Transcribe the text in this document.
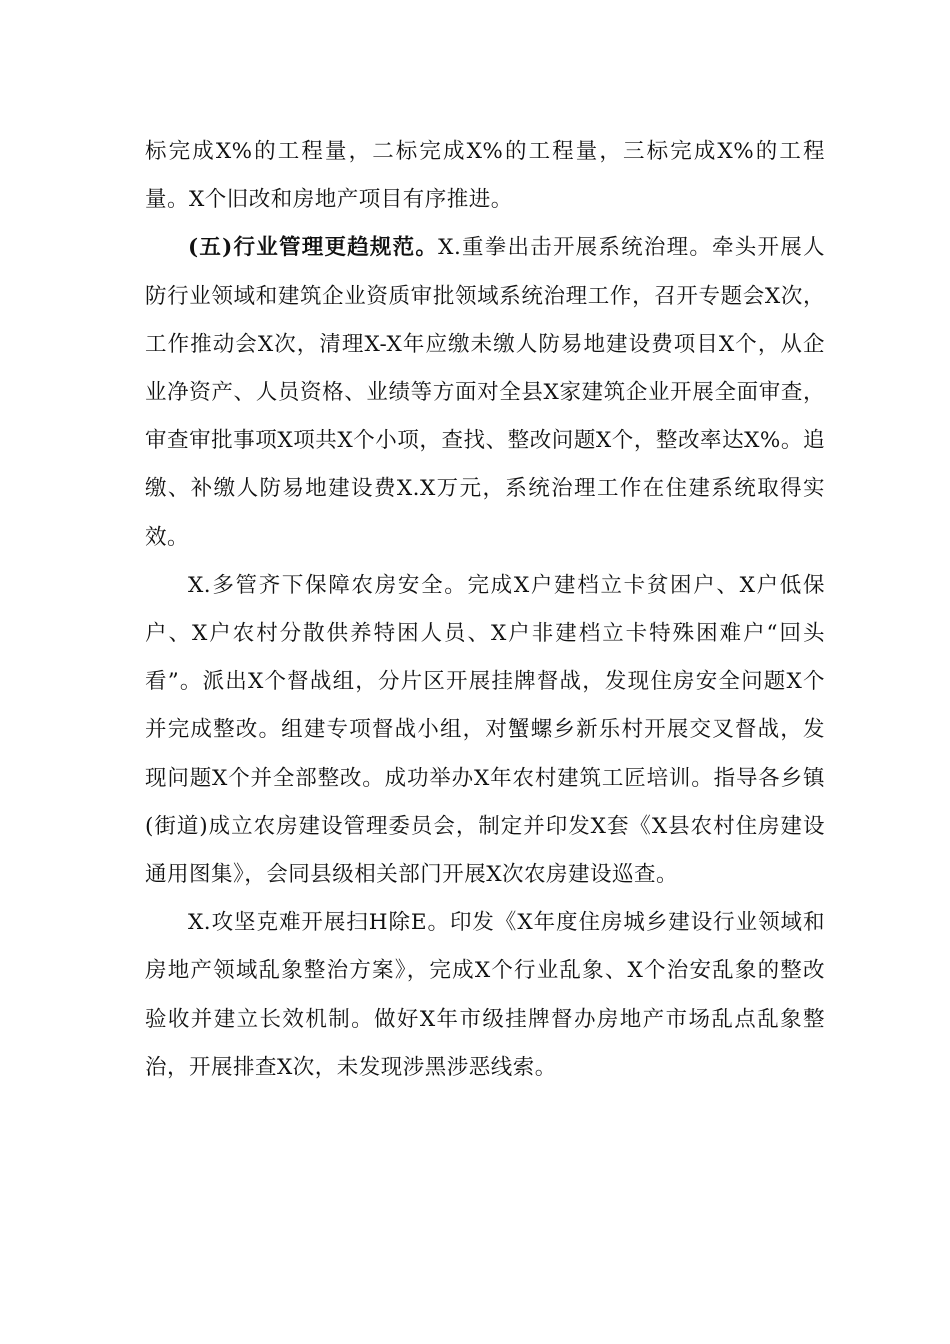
标完成X%的工程量，二标完成X%的工程量，三标完成X%的工程量。X个旧改和房地产项目有序推进。

(五)行业管理更趋规范。X.重拳出击开展系统治理。牵头开展人防行业领域和建筑企业资质审批领域系统治理工作，召开专题会X次，工作推动会X次，清理X-X年应缴未缴人防易地建设费项目X个，从企业净资产、人员资格、业绩等方面对全县X家建筑企业开展全面审查，审查审批事项X项共X个小项，查找、整改问题X个，整改率达X%。追缴、补缴人防易地建设费X.X万元，系统治理工作在住建系统取得实效。

X.多管齐下保障农房安全。完成X户建档立卡贫困户、X户低保户、X户农村分散供养特困人员、X户非建档立卡特殊困难户“回头看”。派出X个督战组，分片区开展挂牌督战，发现住房安全问题X个并完成整改。组建专项督战小组，对蟹螺乡新乐村开展交叉督战，发现问题X个并全部整改。成功举办X年农村建筑工匠培训。指导各乡镇(街道)成立农房建设管理委员会，制定并印发X套《X县农村住房建设通用图集》，会同县级相关部门开展X次农房建设巡查。

X.攻坚克难开展扫H除E。印发《X年度住房城乡建设行业领域和房地产领域乱象整治方案》，完成X个行业乱象、X个治安乱象的整改验收并建立长效机制。做好X年市级挂牌督办房地产市场乱点乱象整治，开展排查X次，未发现涉黑涉恶线索。
